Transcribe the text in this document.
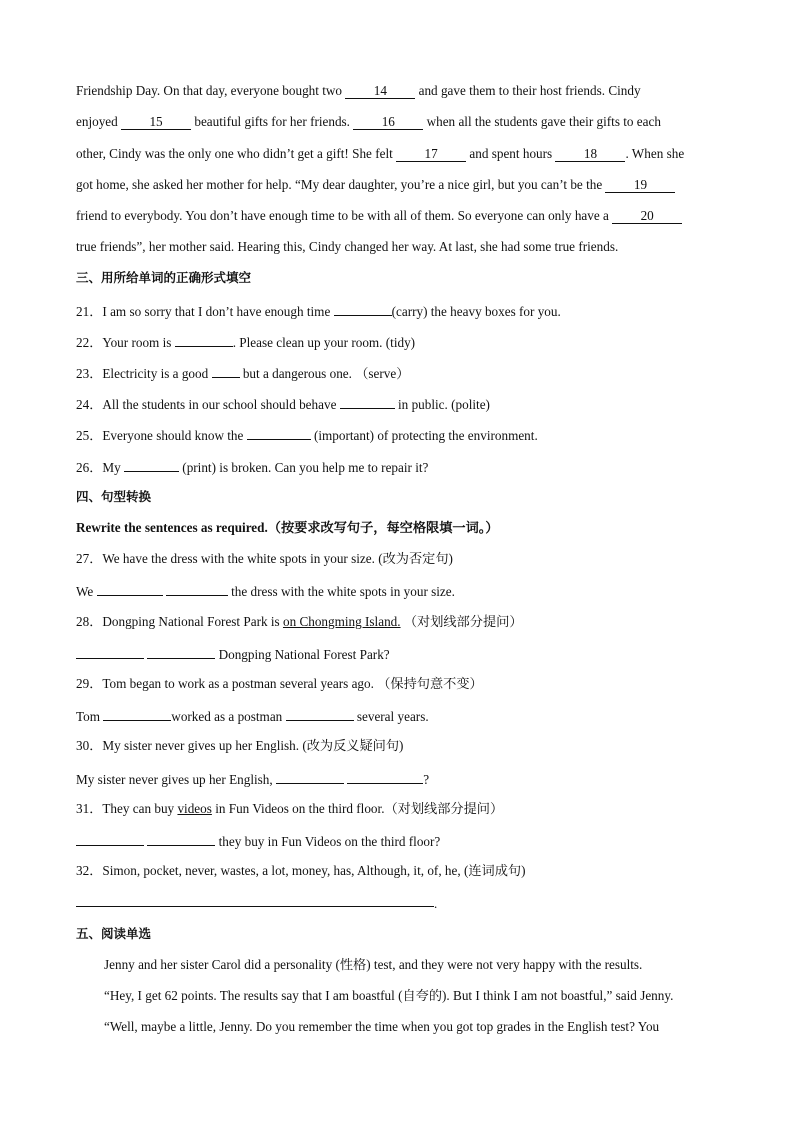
Friendship Day. On that day, everyone bought two 14 and gave them to their host friends. Cindy
enjoyed 15 beautiful gifts for her friends. 16 when all the students gave their gifts to each
other, Cindy was the only one who didn’t get a gift! She felt 17 and spent hours 18 . When she
got home, she asked her mother for help. “My dear daughter, you’re a nice girl, but you can’t be the 19
friend to everybody. You don’t have enough time to be with all of them. So everyone can only have a 20
true friends”, her mother said. Hearing this, Cindy changed her way. At last, she had some true friends.
三、用所给单词的正确形式填空
21．I am so sorry that I don’t have enough time	(carry) the heavy boxes for you.
22．Your room is	. Please clean up your room. (tidy)
23．Electricity is a good  but a dangerous one. （serve）
24．All the students in our school should behave	in public. (polite)
25．Everyone should know the	(important) of protecting the environment.
26．My	(print) is broken. Can you help me to repair it?
四、句型转换
Rewrite the sentences as required.（按要求改写句子，每空格限填一词。）
27．We have the dress with the white spots in your size. (改为否定句)
We	the dress with the white spots in your size.
28．Dongping National Forest Park is on Chongming Island. （对划线部分提问）
Dongping National Forest Park?
29．Tom began to work as a postman several years ago. （保持句意不变）
Tom	worked as a postman	several years.
30．My sister never gives up her English. (改为反义疑问句)
My sister never gives up her English,	?
31．They can buy videos in Fun Videos on the third floor.（对划线部分提问）
they buy in Fun Videos on the third floor?
32．Simon, pocket, never, wastes, a lot, money, has, Although, it, of, he, (连词成句)
.
五、阅读单选
Jenny and her sister Carol did a personality (性格) test, and they were not very happy with the results.
“Hey, I get 62 points. The results say that I am boastful (自夸的). But I think I am not boastful,” said Jenny.
“Well, maybe a little, Jenny. Do you remember the time when you got top grades in the English test? You
